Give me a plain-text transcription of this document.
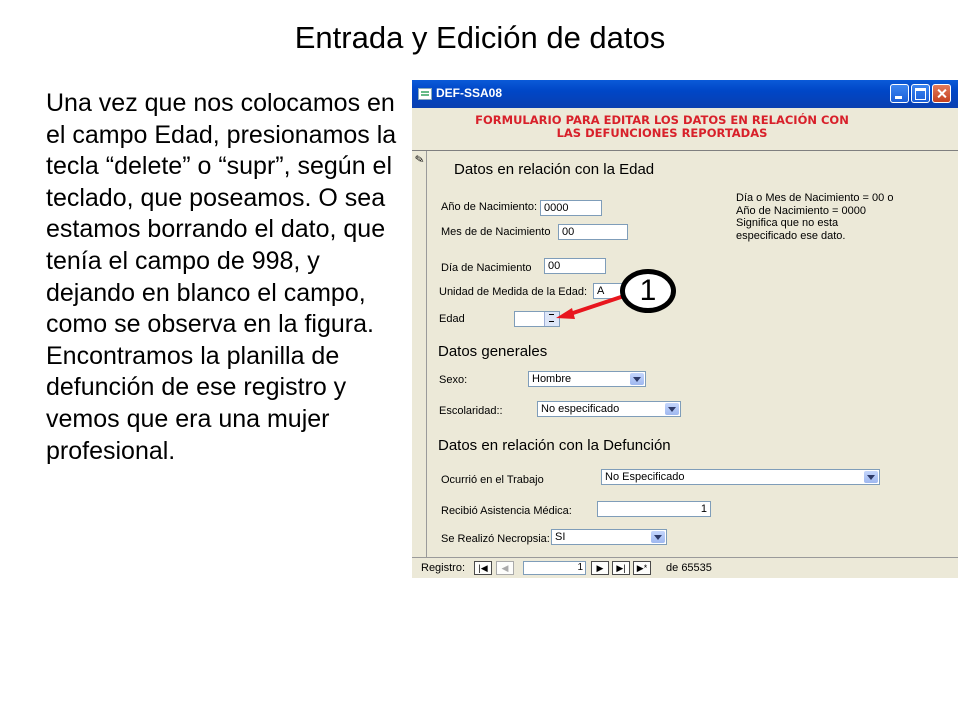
Entrada y Edición de datos
Una vez que nos colocamos en el campo Edad, presionamos la tecla “delete” o “supr”, según el teclado, que poseamos. O sea estamos borrando el dato, que tenía el campo de 998, y dejando en blanco el campo, como se observa en la figura. Encontramos la planilla de defunción de ese registro y vemos que era una mujer profesional.
DEF-SSA08
FORMULARIO PARA EDITAR LOS DATOS EN RELACIÓN CON
LAS DEFUNCIONES REPORTADAS
✎
Datos en relación con la Edad
Año de Nacimiento: 0000
Mes de de Nacimiento	00
Día de Nacimiento	00
Día o Mes de Nacimiento = 00 o
Año de Nacimiento = 0000
Significa que no esta
especificado ese dato.
Unidad de Medida de la Edad: A
Edad
Datos generales
Sexo:	Hombre
Escolaridad::	No especificado
Datos en relación con la Defunción
Ocurrió en el Trabajo	No Especificado
Recibió Asistencia Médica:	1
Se Realizó Necropsia: SI
Registro:	|◀	◀	1	▶	▶|	▶*	de 65535
1
